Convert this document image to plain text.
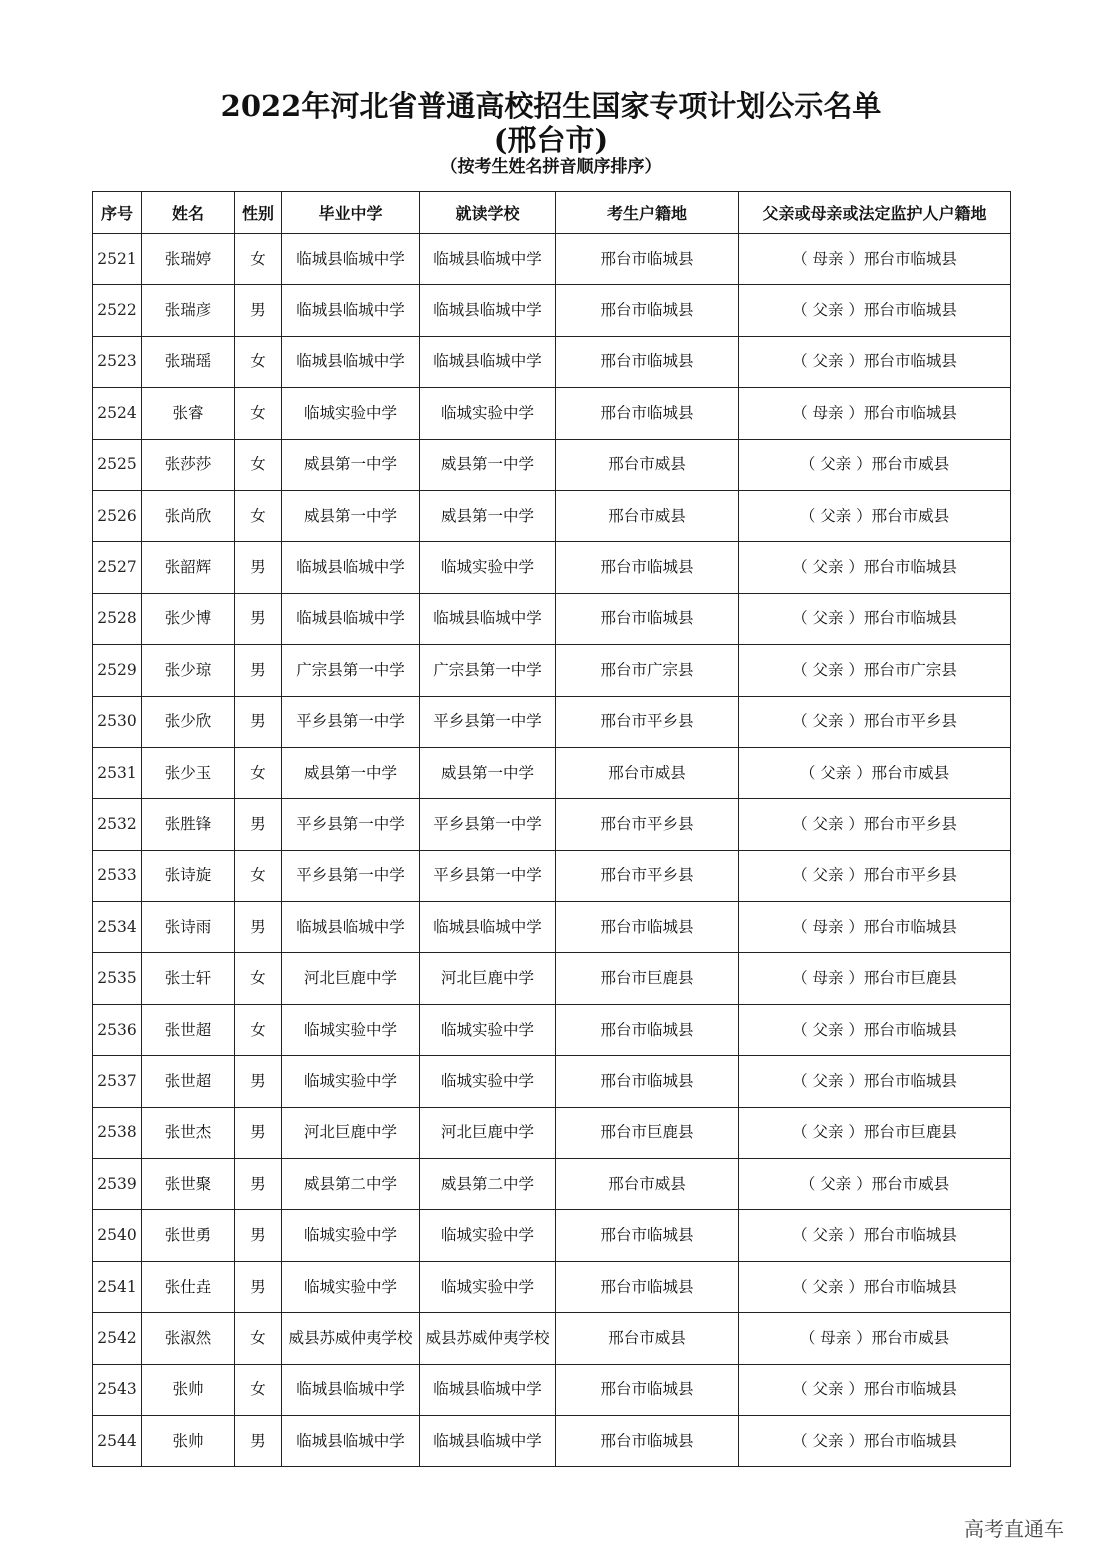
2022年河北省普通高校招生国家专项计划公示名单
(邢台市)
（按考生姓名拼音顺序排序）
序号	姓名	性别	毕业中学	就读学校	考生户籍地	父亲或母亲或法定监护人户籍地
2521	张瑞婷	女	临城县临城中学	临城县临城中学	邢台市临城县	（ 母亲 ）邢台市临城县
2522	张瑞彦	男	临城县临城中学	临城县临城中学	邢台市临城县	（ 父亲 ）邢台市临城县
2523	张瑞瑶	女	临城县临城中学	临城县临城中学	邢台市临城县	（ 父亲 ）邢台市临城县
2524	张睿	女	临城实验中学	临城实验中学	邢台市临城县	（ 母亲 ）邢台市临城县
2525	张莎莎	女	威县第一中学	威县第一中学	邢台市威县	（ 父亲 ）邢台市威县
2526	张尚欣	女	威县第一中学	威县第一中学	邢台市威县	（ 父亲 ）邢台市威县
2527	张韶辉	男	临城县临城中学	临城实验中学	邢台市临城县	（ 父亲 ）邢台市临城县
2528	张少博	男	临城县临城中学	临城县临城中学	邢台市临城县	（ 父亲 ）邢台市临城县
2529	张少琼	男	广宗县第一中学	广宗县第一中学	邢台市广宗县	（ 父亲 ）邢台市广宗县
2530	张少欣	男	平乡县第一中学	平乡县第一中学	邢台市平乡县	（ 父亲 ）邢台市平乡县
2531	张少玉	女	威县第一中学	威县第一中学	邢台市威县	（ 父亲 ）邢台市威县
2532	张胜锋	男	平乡县第一中学	平乡县第一中学	邢台市平乡县	（ 父亲 ）邢台市平乡县
2533	张诗旋	女	平乡县第一中学	平乡县第一中学	邢台市平乡县	（ 父亲 ）邢台市平乡县
2534	张诗雨	男	临城县临城中学	临城县临城中学	邢台市临城县	（ 母亲 ）邢台市临城县
2535	张士轩	女	河北巨鹿中学	河北巨鹿中学	邢台市巨鹿县	（ 母亲 ）邢台市巨鹿县
2536	张世超	女	临城实验中学	临城实验中学	邢台市临城县	（ 父亲 ）邢台市临城县
2537	张世超	男	临城实验中学	临城实验中学	邢台市临城县	（ 父亲 ）邢台市临城县
2538	张世杰	男	河北巨鹿中学	河北巨鹿中学	邢台市巨鹿县	（ 父亲 ）邢台市巨鹿县
2539	张世聚	男	威县第二中学	威县第二中学	邢台市威县	（ 父亲 ）邢台市威县
2540	张世勇	男	临城实验中学	临城实验中学	邢台市临城县	（ 父亲 ）邢台市临城县
2541	张仕垚	男	临城实验中学	临城实验中学	邢台市临城县	（ 父亲 ）邢台市临城县
2542	张淑然	女	威县苏威仲夷学校	威县苏威仲夷学校	邢台市威县	（ 母亲 ）邢台市威县
2543	张帅	女	临城县临城中学	临城县临城中学	邢台市临城县	（ 父亲 ）邢台市临城县
2544	张帅	男	临城县临城中学	临城县临城中学	邢台市临城县	（ 父亲 ）邢台市临城县
高考直通车
